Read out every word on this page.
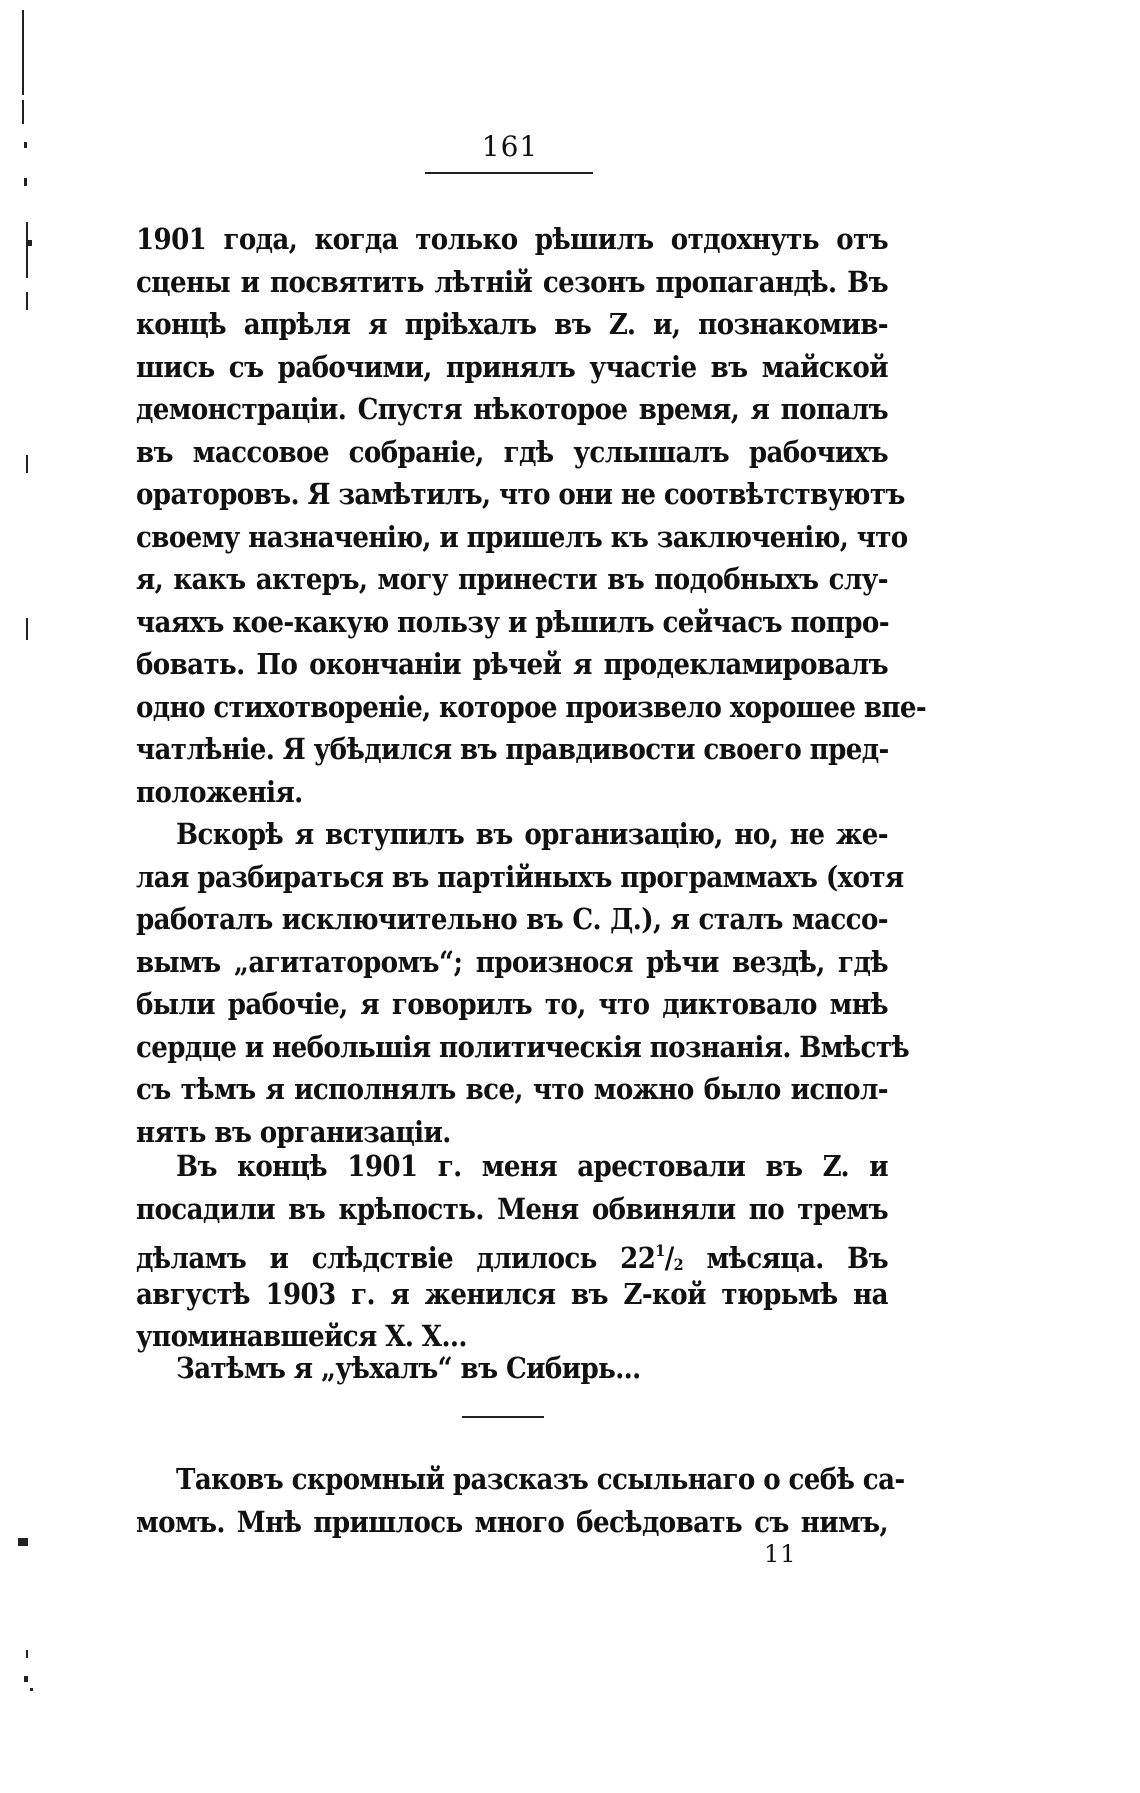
161
1901 года, когда только рѣшилъ отдохнуть отъ
сцены и посвятить лѣтній сезонъ пропагандѣ. Въ
концѣ апрѣля я пріѣхалъ въ Z. и, познакомив-
шись съ рабочими, принялъ участіе въ майской
демонстраціи. Спустя нѣкоторое время, я попалъ
въ массовое собраніе, гдѣ услышалъ рабочихъ
ораторовъ. Я замѣтилъ, что они не соотвѣтствуютъ
своему назначенію, и пришелъ къ заключенію, что
я, какъ актеръ, могу принести въ подобныхъ слу-
чаяхъ кое-какую пользу и рѣшилъ сейчасъ попро-
бовать. По окончаніи рѣчей я продекламировалъ
одно стихотвореніе, которое произвело хорошее впе-
чатлѣніе. Я убѣдился въ правдивости своего пред-
положенія.
Вскорѣ я вступилъ въ организацію, но, не же-
лая разбираться въ партійныхъ программахъ (хотя
работалъ исключительно въ С. Д.), я сталъ массо-
вымъ „агитаторомъ“; произнося рѣчи вездѣ, гдѣ
были рабочіе, я говорилъ то, что диктовало мнѣ
сердце и небольшія политическія познанія. Вмѣстѣ
съ тѣмъ я исполнялъ все, что можно было испол-
нять въ организаціи.
Въ концѣ 1901 г. меня арестовали въ Z. и
посадили въ крѣпость. Меня обвиняли по тремъ
дѣламъ и слѣдствіе длилось $22^1/_2$ мѣсяца. Въ
августѣ 1903 г. я женился въ Z-кой тюрьмѣ на
упоминавшейся Х. Х...
Затѣмъ я „уѣхалъ“ въ Сибирь...
Таковъ скромный разсказъ ссыльнаго о себѣ са-
момъ. Мнѣ пришлось много бесѣдовать съ нимъ,
11
